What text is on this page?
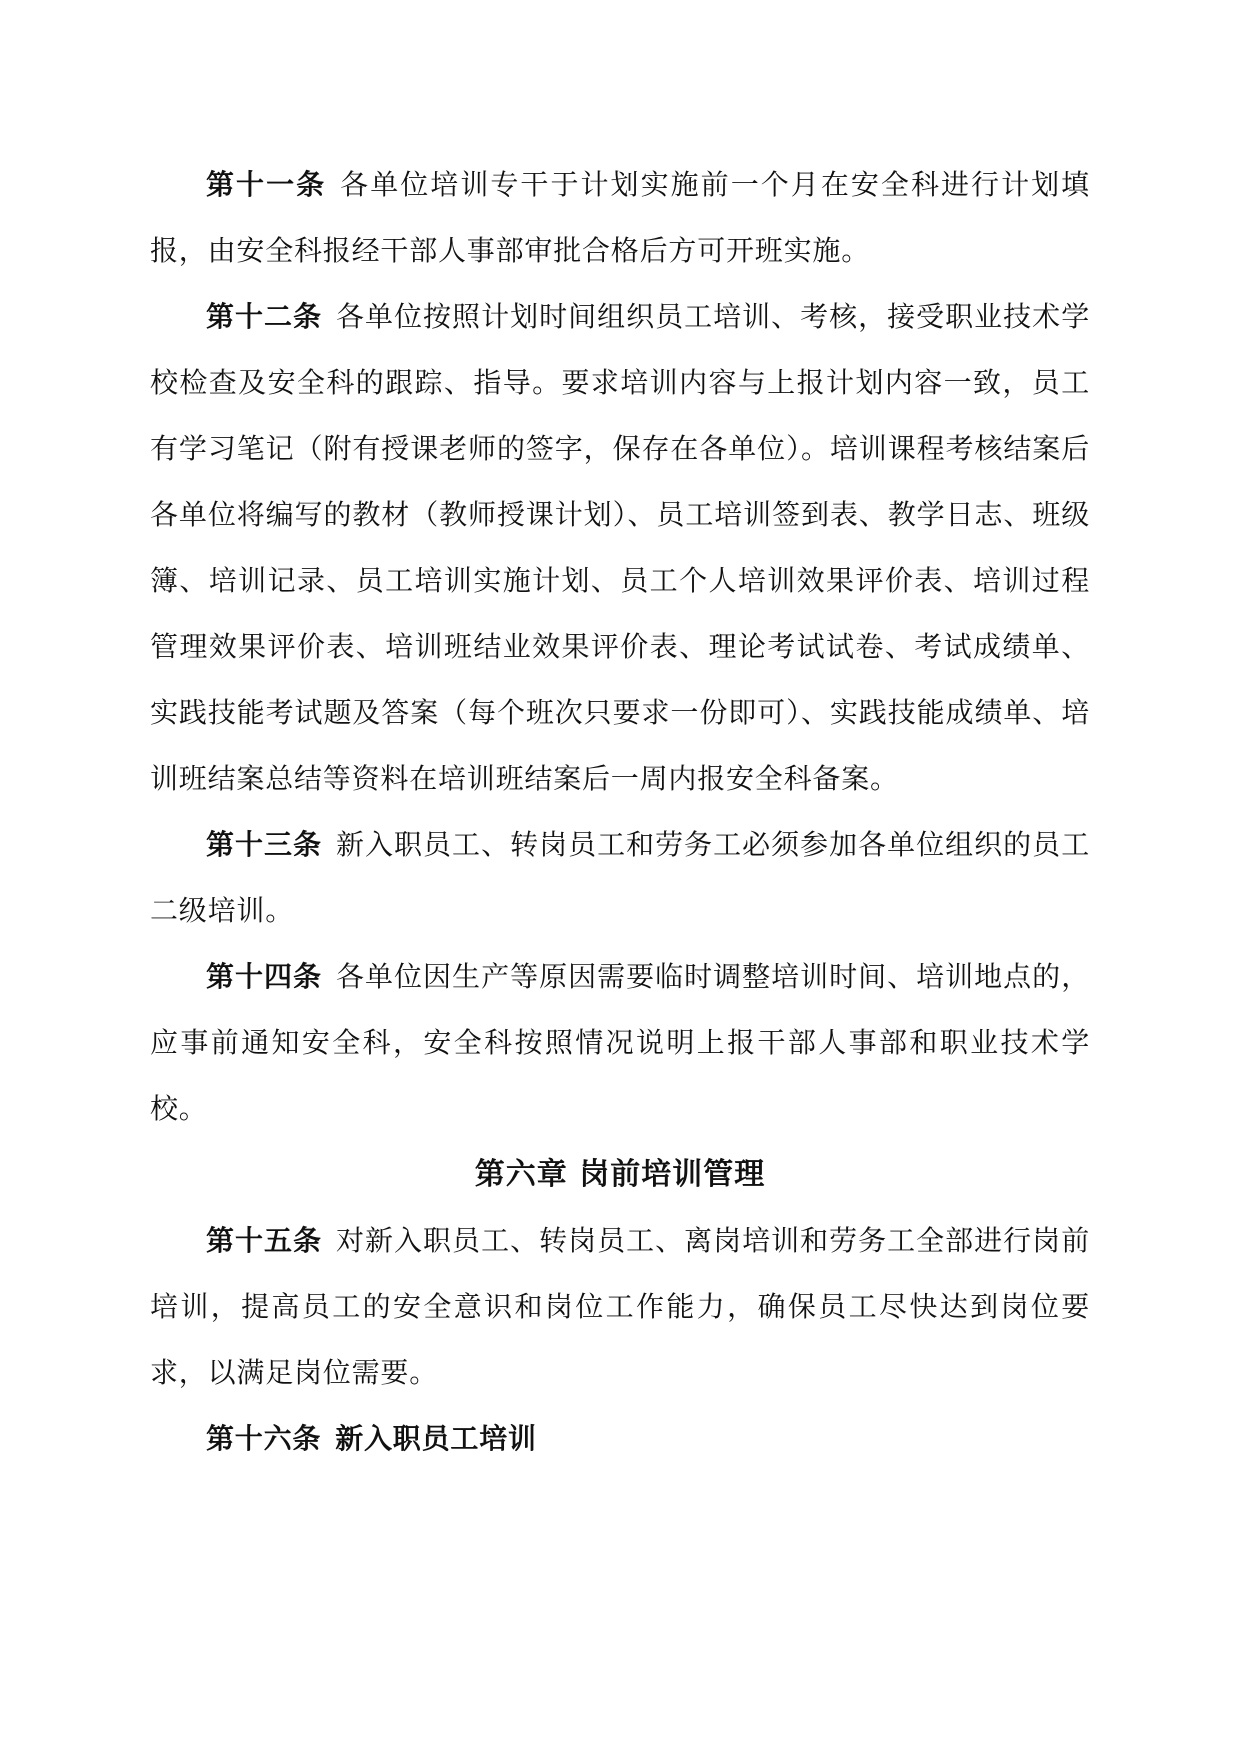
第十一条 各单位培训专干于计划实施前一个月在安全科进行计划填报，由安全科报经干部人事部审批合格后方可开班实施。

第十二条 各单位按照计划时间组织员工培训、考核，接受职业技术学校检查及安全科的跟踪、指导。要求培训内容与上报计划内容一致，员工有学习笔记（附有授课老师的签字，保存在各单位）。培训课程考核结案后各单位将编写的教材（教师授课计划）、员工培训签到表、教学日志、班级簿、培训记录、员工培训实施计划、员工个人培训效果评价表、培训过程管理效果评价表、培训班结业效果评价表、理论考试试卷、考试成绩单、实践技能考试题及答案（每个班次只要求一份即可）、实践技能成绩单、培训班结案总结等资料在培训班结案后一周内报安全科备案。

第十三条 新入职员工、转岗员工和劳务工必须参加各单位组织的员工二级培训。

第十四条 各单位因生产等原因需要临时调整培训时间、培训地点的，应事前通知安全科，安全科按照情况说明上报干部人事部和职业技术学校。

第六章 岗前培训管理

第十五条 对新入职员工、转岗员工、离岗培训和劳务工全部进行岗前培训，提高员工的安全意识和岗位工作能力，确保员工尽快达到岗位要求，以满足岗位需要。

第十六条 新入职员工培训
